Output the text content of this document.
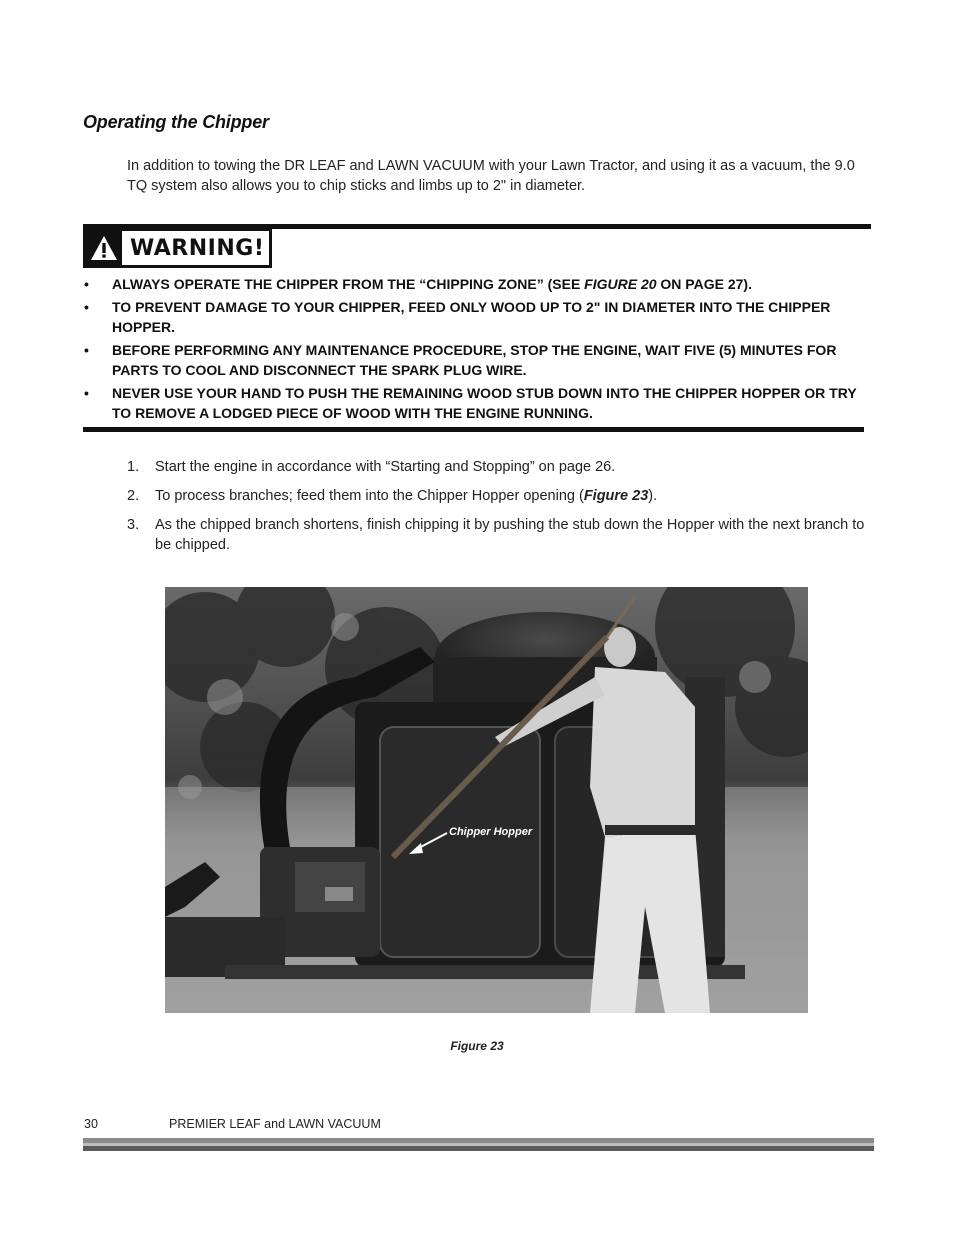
Operating the Chipper
In addition to towing the DR LEAF and LAWN VACUUM with your Lawn Tractor, and using it as a vacuum, the 9.0 TQ system also allows you to chip sticks and limbs up to 2" in diameter.
WARNING!
• ALWAYS OPERATE THE CHIPPER FROM THE “CHIPPING ZONE” (SEE FIGURE 20 ON PAGE 27).
• TO PREVENT DAMAGE TO YOUR CHIPPER, FEED ONLY WOOD UP TO 2" IN DIAMETER INTO THE CHIPPER HOPPER.
• BEFORE PERFORMING ANY MAINTENANCE PROCEDURE, STOP THE ENGINE, WAIT FIVE (5) MINUTES FOR PARTS TO COOL AND DISCONNECT THE SPARK PLUG WIRE.
• NEVER USE YOUR HAND TO PUSH THE REMAINING WOOD STUB DOWN INTO THE CHIPPER HOPPER OR TRY TO REMOVE A LODGED PIECE OF WOOD WITH THE ENGINE RUNNING.
1. Start the engine in accordance with “Starting and Stopping” on page 26.
2. To process branches; feed them into the Chipper Hopper opening (Figure 23).
3. As the chipped branch shortens, finish chipping it by pushing the stub down the Hopper with the next branch to be chipped.
Chipper Hopper
Figure 23
30	PREMIER LEAF and LAWN VACUUM
